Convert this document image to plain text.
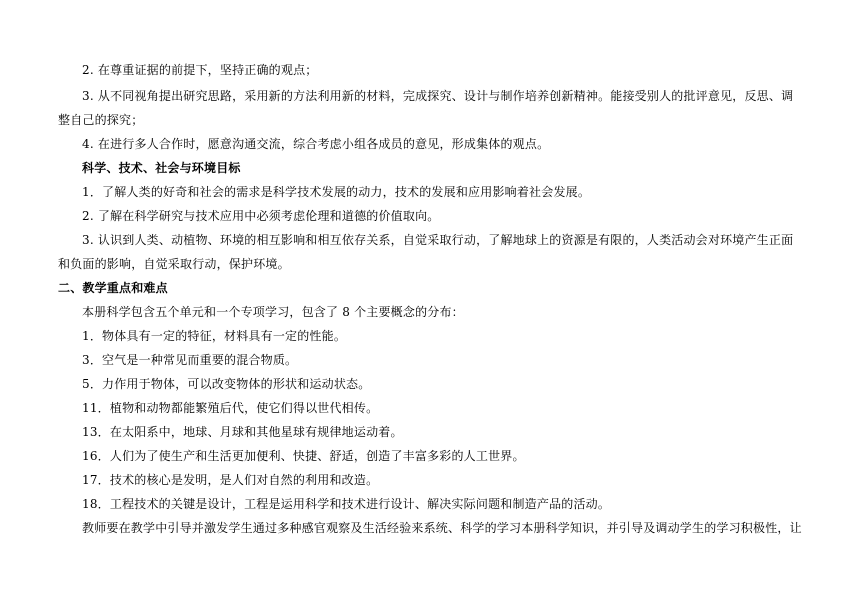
2. 在尊重证据的前提下，坚持正确的观点；
3. 从不同视角提出研究思路，采用新的方法利用新的材料，完成探究、设计与制作培养创新精神。能接受别人的批评意见，反思、调
整自己的探究；
4. 在进行多人合作时，愿意沟通交流，综合考虑小组各成员的意见，形成集体的观点。
科学、技术、社会与环境目标
1．了解人类的好奇和社会的需求是科学技术发展的动力，技术的发展和应用影响着社会发展。
2. 了解在科学研究与技术应用中必须考虑伦理和道德的价值取向。
3. 认识到人类、动植物、环境的相互影响和相互依存关系，自觉采取行动，了解地球上的资源是有限的，人类活动会对环境产生正面
和负面的影响，自觉采取行动，保护环境。
二、教学重点和难点
本册科学包含五个单元和一个专项学习，包含了 8 个主要概念的分布：
1．物体具有一定的特征，材料具有一定的性能。
3．空气是一种常见而重要的混合物质。
5．力作用于物体，可以改变物体的形状和运动状态。
11．植物和动物都能繁殖后代，使它们得以世代相传。
13．在太阳系中，地球、月球和其他星球有规律地运动着。
16．人们为了使生产和生活更加便利、快捷、舒适，创造了丰富多彩的人工世界。
17．技术的核心是发明，是人们对自然的利用和改造。
18．工程技术的关键是设计，工程是运用科学和技术进行设计、解决实际问题和制造产品的活动。
教师要在教学中引导并激发学生通过多种感官观察及生活经验来系统、科学的学习本册科学知识，并引导及调动学生的学习积极性，让
